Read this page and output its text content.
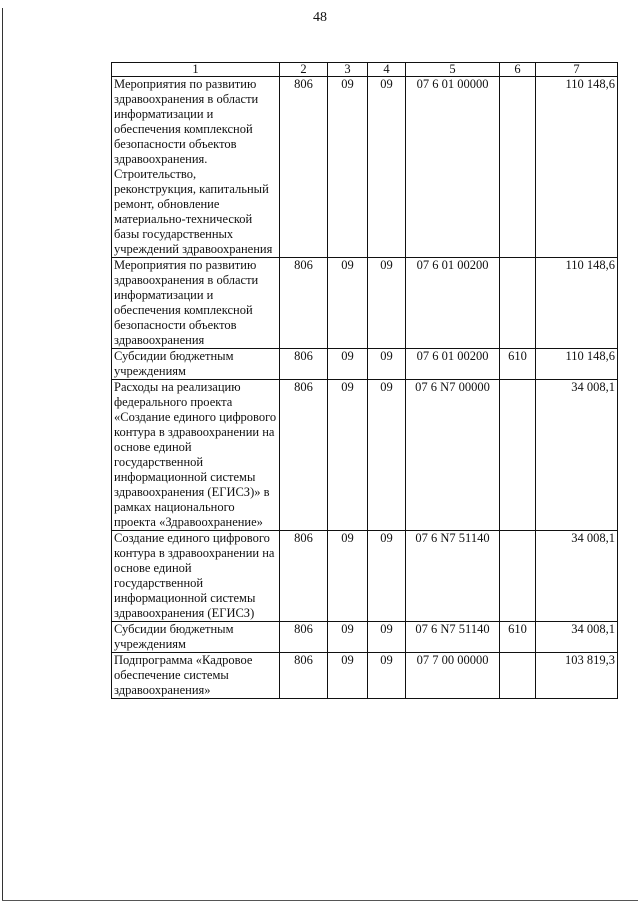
48
1	2	3	4	5	6	7
Мероприятия по развитию здравоохранения в области информатизации и обеспечения комплексной безопасности объектов здравоохранения. Строительство, реконструкция, капитальный ремонт, обновление материально-технической базы государственных учреждений здравоохранения	806	09	09	07 6 01 00000		110 148,6
Мероприятия по развитию здравоохранения в области информатизации и обеспечения комплексной безопасности объектов здравоохранения	806	09	09	07 6 01 00200		110 148,6
Субсидии бюджетным учреждениям	806	09	09	07 6 01 00200	610	110 148,6
Расходы на реализацию федерального проекта «Создание единого цифрового контура в здравоохранении на основе единой государственной информационной системы здравоохранения (ЕГИСЗ)» в рамках национального проекта «Здравоохранение»	806	09	09	07 6 N7 00000		34 008,1
Создание единого цифрового контура в здравоохранении на основе единой государственной информационной системы здравоохранения (ЕГИСЗ)	806	09	09	07 6 N7 51140		34 008,1
Субсидии бюджетным учреждениям	806	09	09	07 6 N7 51140	610	34 008,1
Подпрограмма «Кадровое обеспечение системы здравоохранения»	806	09	09	07 7 00 00000		103 819,3
